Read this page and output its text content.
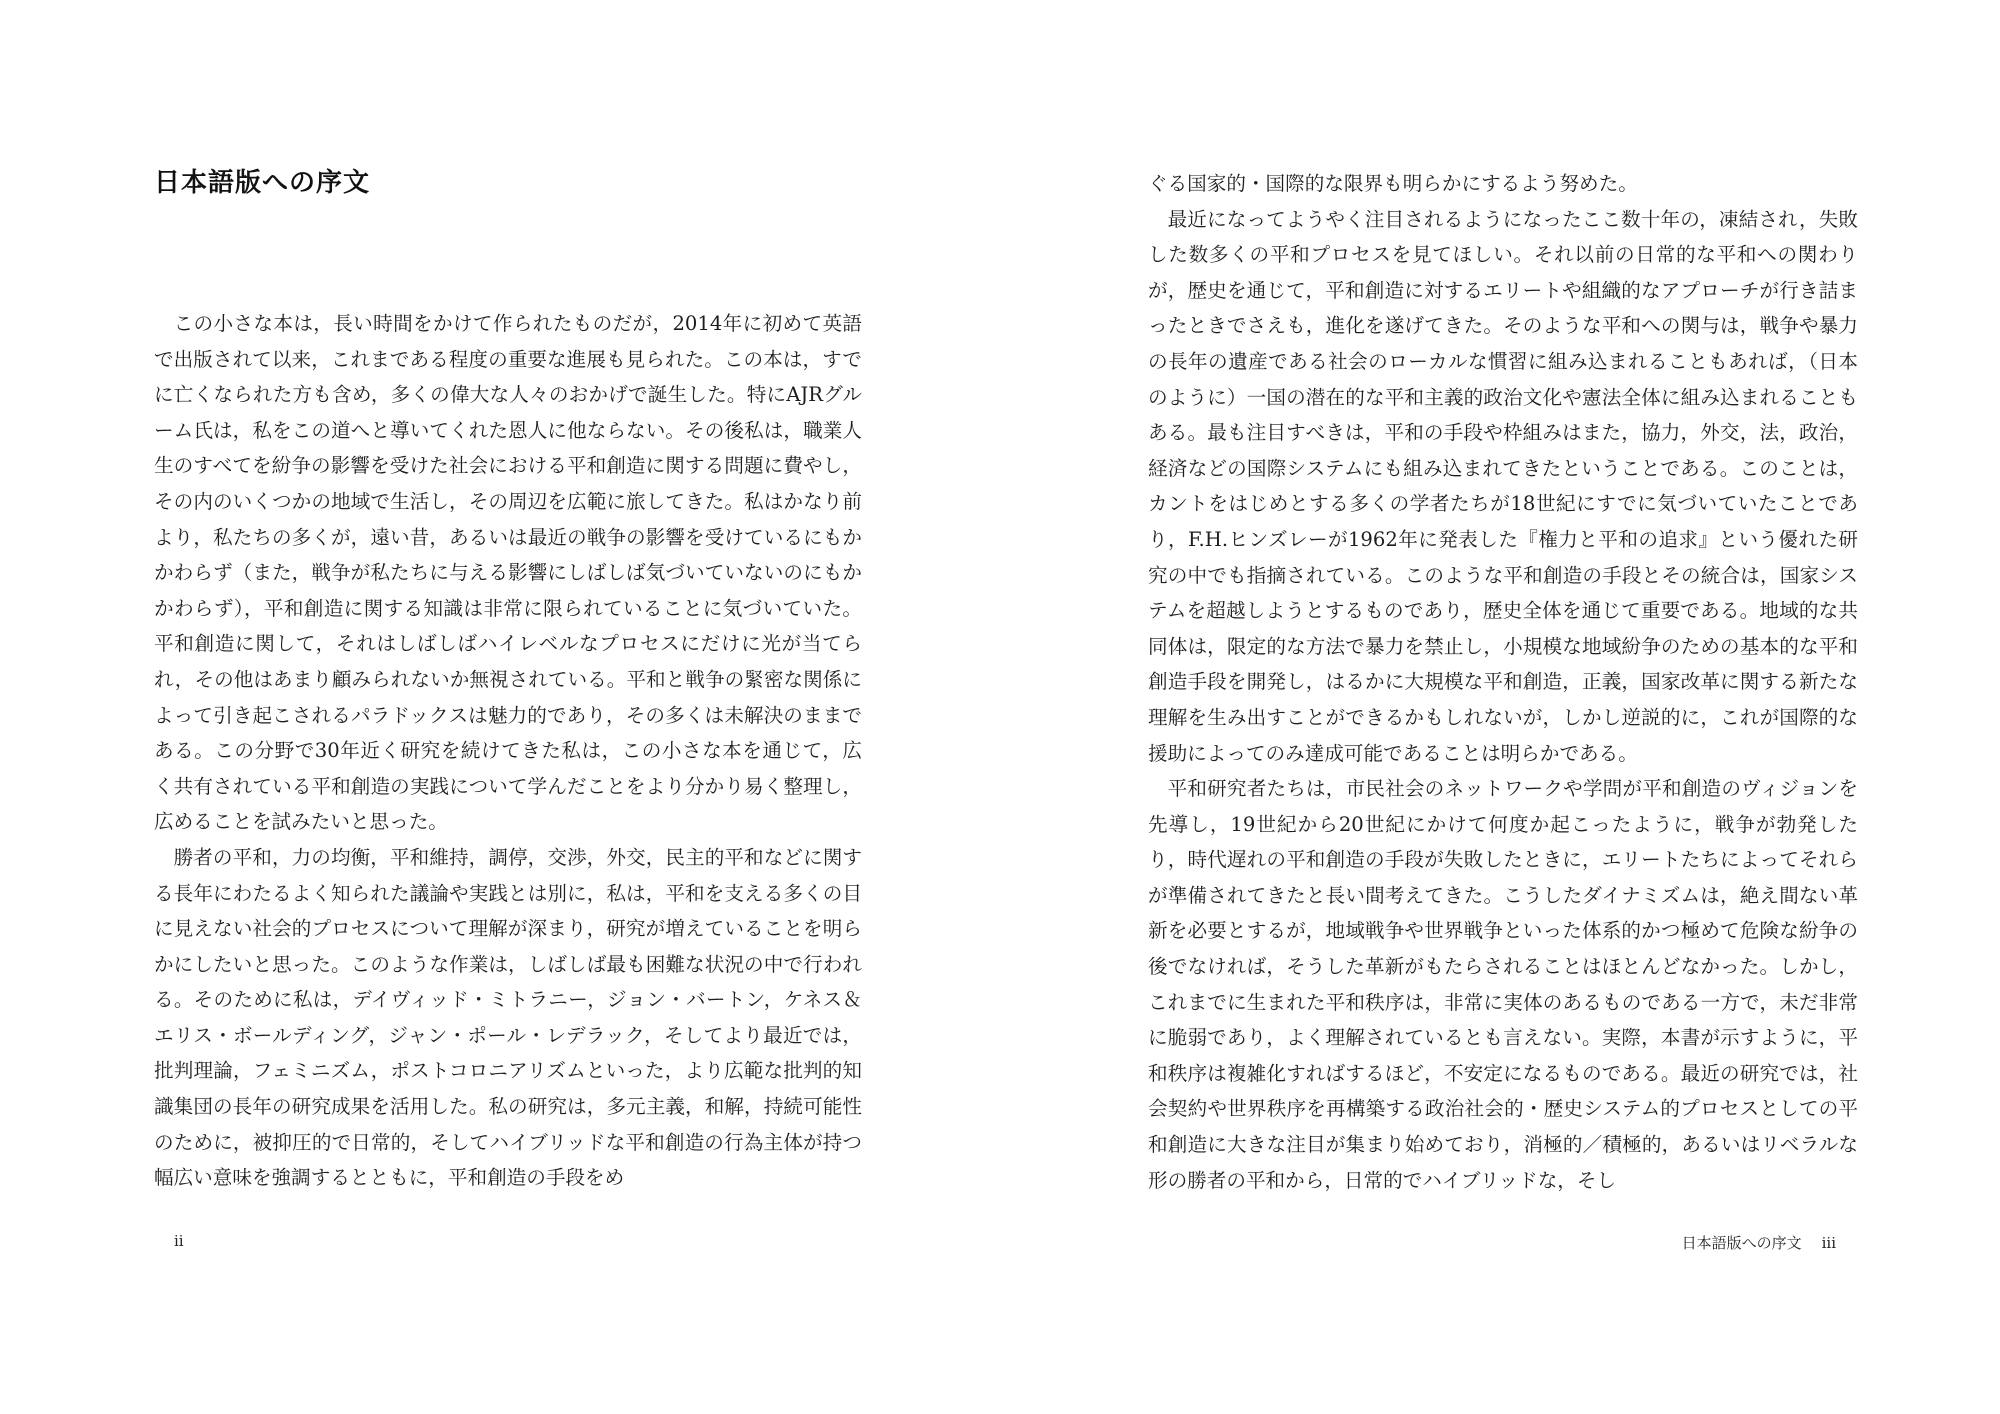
日本語版への序文

この小さな本は，長い時間をかけて作られたものだが，2014年に初めて英語で出版されて以来，これまである程度の重要な進展も見られた。この本は，すでに亡くなられた方も含め，多くの偉大な人々のおかげで誕生した。特にAJRグルーム氏は，私をこの道へと導いてくれた恩人に他ならない。その後私は，職業人生のすべてを紛争の影響を受けた社会における平和創造に関する問題に費やし，その内のいくつかの地域で生活し，その周辺を広範に旅してきた。私はかなり前より，私たちの多くが，遠い昔，あるいは最近の戦争の影響を受けているにもかかわらず（また，戦争が私たちに与える影響にしばしば気づいていないのにもかかわらず），平和創造に関する知識は非常に限られていることに気づいていた。平和創造に関して，それはしばしばハイレベルなプロセスにだけに光が当てられ，その他はあまり顧みられないか無視されている。平和と戦争の緊密な関係によって引き起こされるパラドックスは魅力的であり，その多くは未解決のままである。この分野で30年近く研究を続けてきた私は，この小さな本を通じて，広く共有されている平和創造の実践について学んだことをより分かり易く整理し，広めることを試みたいと思った。

勝者の平和，力の均衡，平和維持，調停，交渉，外交，民主的平和などに関する長年にわたるよく知られた議論や実践とは別に，私は，平和を支える多くの目に見えない社会的プロセスについて理解が深まり，研究が増えていることを明らかにしたいと思った。このような作業は，しばしば最も困難な状況の中で行われる。そのために私は，デイヴィッド・ミトラニー，ジョン・バートン，ケネス＆エリス・ボールディング，ジャン・ポール・レデラック，そしてより最近では，批判理論，フェミニズム，ポストコロニアリズムといった，より広範な批判的知識集団の長年の研究成果を活用した。私の研究は，多元主義，和解，持続可能性のために，被抑圧的で日常的，そしてハイブリッドな平和創造の行為主体が持つ幅広い意味を強調するとともに，平和創造の手段をめ

ii

ぐる国家的・国際的な限界も明らかにするよう努めた。

最近になってようやく注目されるようになったここ数十年の，凍結され，失敗した数多くの平和プロセスを見てほしい。それ以前の日常的な平和への関わりが，歴史を通じて，平和創造に対するエリートや組織的なアプローチが行き詰まったときでさえも，進化を遂げてきた。そのような平和への関与は，戦争や暴力の長年の遺産である社会のローカルな慣習に組み込まれることもあれば，（日本のように）一国の潜在的な平和主義的政治文化や憲法全体に組み込まれることもある。最も注目すべきは，平和の手段や枠組みはまた，協力，外交，法，政治，経済などの国際システムにも組み込まれてきたということである。このことは，カントをはじめとする多くの学者たちが18世紀にすでに気づいていたことであり，F.H.ヒンズレーが1962年に発表した『権力と平和の追求』という優れた研究の中でも指摘されている。このような平和創造の手段とその統合は，国家システムを超越しようとするものであり，歴史全体を通じて重要である。地域的な共同体は，限定的な方法で暴力を禁止し，小規模な地域紛争のための基本的な平和創造手段を開発し，はるかに大規模な平和創造，正義，国家改革に関する新たな理解を生み出すことができるかもしれないが，しかし逆説的に，これが国際的な援助によってのみ達成可能であることは明らかである。

平和研究者たちは，市民社会のネットワークや学問が平和創造のヴィジョンを先導し，19世紀から20世紀にかけて何度か起こったように，戦争が勃発したり，時代遅れの平和創造の手段が失敗したときに，エリートたちによってそれらが準備されてきたと長い間考えてきた。こうしたダイナミズムは，絶え間ない革新を必要とするが，地域戦争や世界戦争といった体系的かつ極めて危険な紛争の後でなければ，そうした革新がもたらされることはほとんどなかった。しかし，これまでに生まれた平和秩序は，非常に実体のあるものである一方で，未だ非常に脆弱であり，よく理解されているとも言えない。実際，本書が示すように，平和秩序は複雑化すればするほど，不安定になるものである。最近の研究では，社会契約や世界秩序を再構築する政治社会的・歴史システム的プロセスとしての平和創造に大きな注目が集まり始めており，消極的／積極的，あるいはリベラルな形の勝者の平和から，日常的でハイブリッドな，そし

日本語版への序文 iii
